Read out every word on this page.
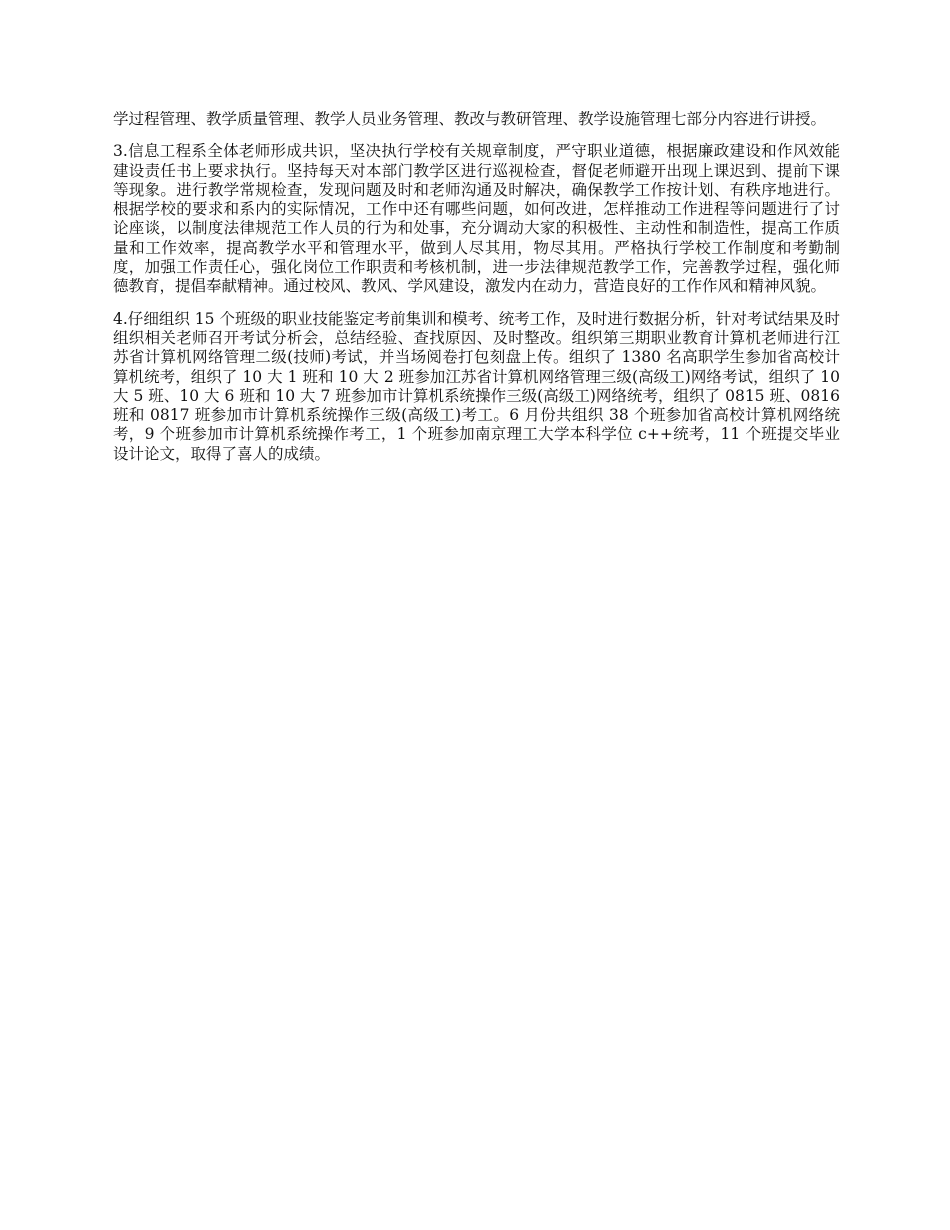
学过程管理、教学质量管理、教学人员业务管理、教改与教研管理、教学设施管理七部分内容进行讲授。

3.信息工程系全体老师形成共识，坚决执行学校有关规章制度，严守职业道德，根据廉政建设和作风效能建设责任书上要求执行。坚持每天对本部门教学区进行巡视检查，督促老师避开出现上课迟到、提前下课等现象。进行教学常规检查，发现问题及时和老师沟通及时解决，确保教学工作按计划、有秩序地进行。根据学校的要求和系内的实际情况，工作中还有哪些问题，如何改进，怎样推动工作进程等问题进行了讨论座谈，以制度法律规范工作人员的行为和处事，充分调动大家的积极性、主动性和制造性，提高工作质量和工作效率，提高教学水平和管理水平，做到人尽其用，物尽其用。严格执行学校工作制度和考勤制度，加强工作责任心，强化岗位工作职责和考核机制，进一步法律规范教学工作，完善教学过程，强化师德教育，提倡奉献精神。通过校风、教风、学风建设，激发内在动力，营造良好的工作作风和精神风貌。

4.仔细组织 15 个班级的职业技能鉴定考前集训和模考、统考工作，及时进行数据分析，针对考试结果及时组织相关老师召开考试分析会，总结经验、查找原因、及时整改。组织第三期职业教育计算机老师进行江苏省计算机网络管理二级(技师)考试，并当场阅卷打包刻盘上传。组织了 1380 名高职学生参加省高校计算机统考，组织了 10 大 1 班和 10 大 2 班参加江苏省计算机网络管理三级(高级工)网络考试，组织了 10 大 5 班、10 大 6 班和 10 大 7 班参加市计算机系统操作三级(高级工)网络统考，组织了 0815 班、0816 班和 0817 班参加市计算机系统操作三级(高级工)考工。6 月份共组织 38 个班参加省高校计算机网络统考，9 个班参加市计算机系统操作考工，1 个班参加南京理工大学本科学位 c++统考，11 个班提交毕业设计论文，取得了喜人的成绩。
